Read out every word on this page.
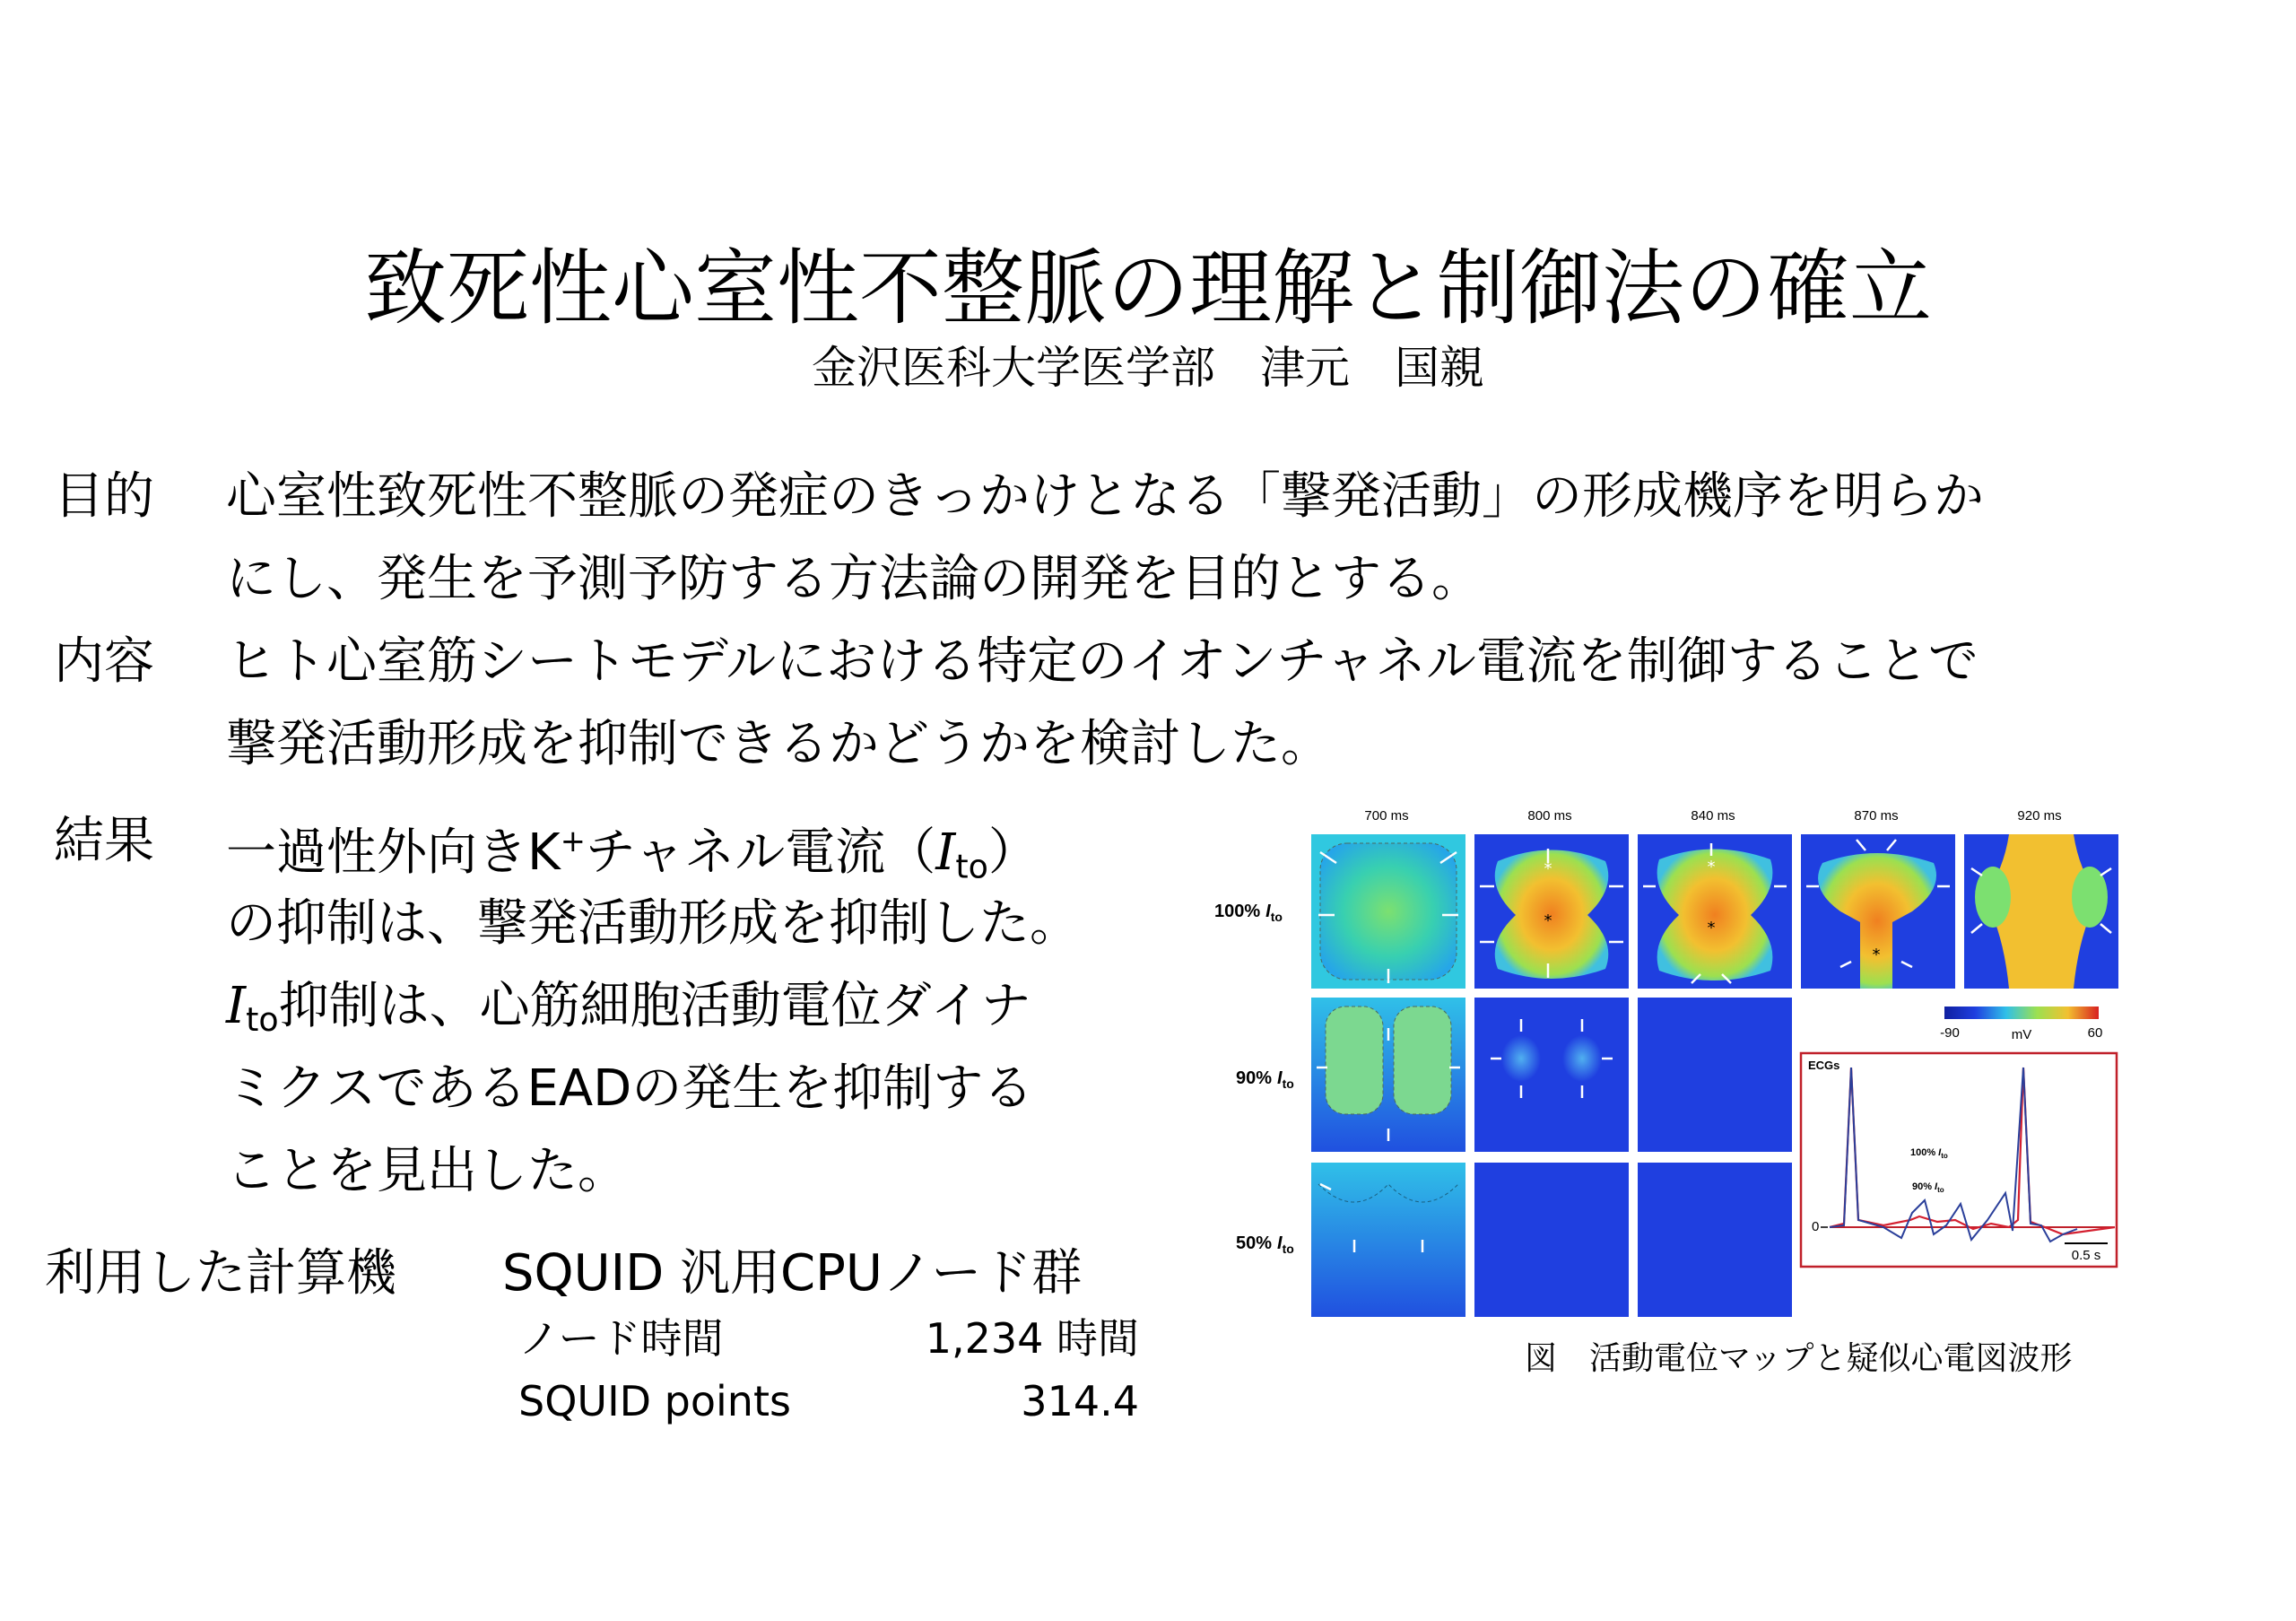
致死性心室性不整脈の理解と制御法の確立
金沢医科大学医学部　津元　国親
目的 心室性致死性不整脈の発症のきっかけとなる「撃発活動」の形成機序を明らか
にし、発生を予測予防する方法論の開発を目的とする。
内容 ヒト心室筋シートモデルにおける特定のイオンチャネル電流を制御することで
撃発活動形成を抑制できるかどうかを検討した。
結果 一過性外向きK+チャネル電流$(I_{to})$
の抑制は、撃発活動形成を抑制した。
$I_{to}$抑制は、心筋細胞活動電位ダイナ
ミクスであるEADの発生を抑制する
ことを見出した。
利用した計算機 SQUID 汎用CPUノード群
ノード時間	1,234 時間
SQUID points	314.4
700 ms	800 ms	840 ms	870 ms	920 ms
100% $I_{to}$
90% $I_{to}$
50% $I_{to}$
*
*
*
*
*
-90	mV	60
ECGs
0
100% $I_{to}$
90% $I_{to}$
0.5 s
図　活動電位マップと疑似心電図波形
